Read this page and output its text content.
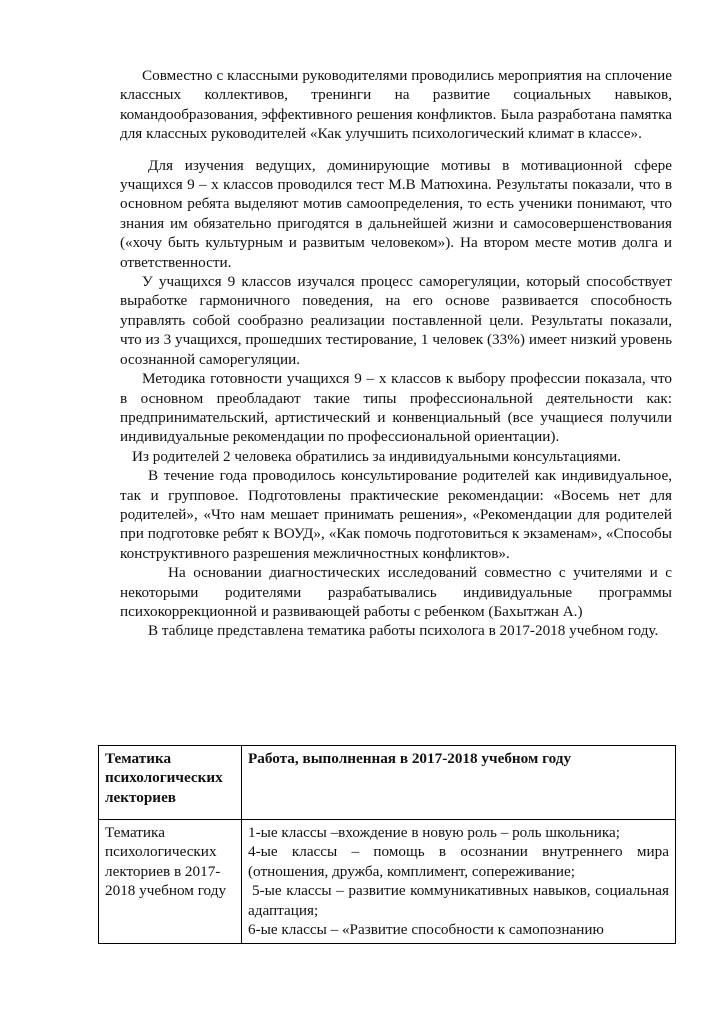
Совместно с классными руководителями проводились мероприятия на сплочение классных коллективов, тренинги на развитие социальных навыков, командообразования, эффективного решения конфликтов. Была разработана памятка для классных руководителей «Как улучшить психологический климат в классе».

Для изучения ведущих, доминирующие мотивы в мотивационной сфере учащихся 9 – х классов проводился тест М.В Матюхина. Результаты показали, что в основном ребята выделяют мотив самоопределения, то есть ученики понимают, что знания им обязательно пригодятся в дальнейшей жизни и самосовершенствования («хочу быть культурным и развитым человеком»). На втором месте мотив долга и ответственности.

У учащихся 9 классов изучался процесс саморегуляции, который способствует выработке гармоничного поведения, на его основе развивается способность управлять собой сообразно реализации поставленной цели. Результаты показали, что из 3 учащихся, прошедших тестирование, 1 человек (33%) имеет низкий уровень осознанной саморегуляции.

Методика готовности учащихся 9 – х классов к выбору профессии показала, что в основном преобладают такие типы профессиональной деятельности как: предпринимательский, артистический и конвенциальный (все учащиеся получили индивидуальные рекомендации по профессиональной ориентации).

Из родителей 2 человека обратились за индивидуальными консультациями.

В течение года проводилось консультирование родителей как индивидуальное, так и групповое. Подготовлены практические рекомендации: «Восемь нет для родителей», «Что нам мешает принимать решения», «Рекомендации для родителей при подготовке ребят к ВОУД», «Как помочь подготовиться к экзаменам», «Способы конструктивного разрешения межличностных конфликтов».

На основании диагностических исследований совместно с учителями и с некоторыми родителями разрабатывались индивидуальные программы психокоррекционной и развивающей работы с ребенком (Бахытжан А.)

В таблице представлена тематика работы психолога в 2017-2018 учебном году.

Тематика психологических лекториев	Работа, выполненная в 2017-2018 учебном году
Тематика психологических лекториев в 2017-2018 учебном году	1-ые классы –вхождение в новую роль – роль школьника;

4-ые классы – помощь в осознании внутреннего мира (отношения, дружба, комплимент, сопереживание;

5-ые классы – развитие коммуникативных навыков, социальная адаптация;

6-ые классы – «Развитие способности к самопознанию
